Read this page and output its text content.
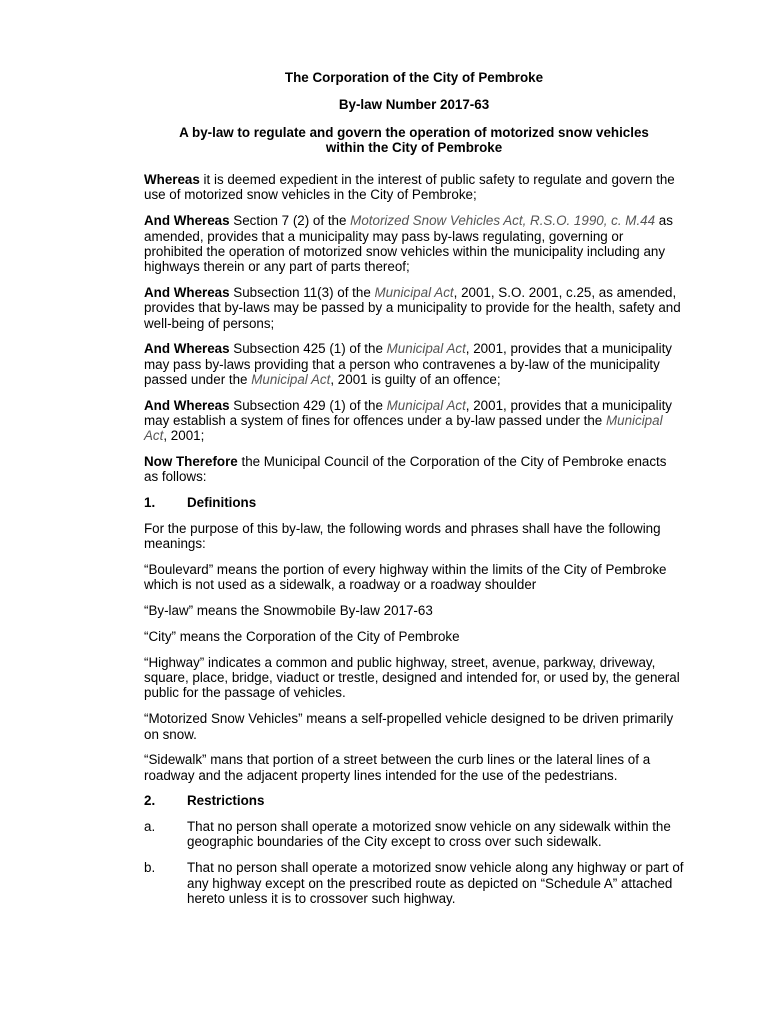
The Corporation of the City of Pembroke
By-law Number 2017-63
A by-law to regulate and govern the operation of motorized snow vehicles
within the City of Pembroke

Whereas it is deemed expedient in the interest of public safety to regulate and govern the use of motorized snow vehicles in the City of Pembroke;

And Whereas Section 7 (2) of the Motorized Snow Vehicles Act, R.S.O. 1990, c. M.44 as amended, provides that a municipality may pass by-laws regulating, governing or prohibited the operation of motorized snow vehicles within the municipality including any highways therein or any part of parts thereof;

And Whereas Subsection 11(3) of the Municipal Act, 2001, S.O. 2001, c.25, as amended, provides that by-laws may be passed by a municipality to provide for the health, safety and well-being of persons;

And Whereas Subsection 425 (1) of the Municipal Act, 2001, provides that a municipality may pass by-laws providing that a person who contravenes a by-law of the municipality passed under the Municipal Act, 2001 is guilty of an offence;

And Whereas Subsection 429 (1) of the Municipal Act, 2001, provides that a municipality may establish a system of fines for offences under a by-law passed under the Municipal Act, 2001;

Now Therefore the Municipal Council of the Corporation of the City of Pembroke enacts as follows:

1.	Definitions

For the purpose of this by-law, the following words and phrases shall have the following meanings:

“Boulevard” means the portion of every highway within the limits of the City of Pembroke which is not used as a sidewalk, a roadway or a roadway shoulder

“By-law” means the Snowmobile By-law 2017-63

“City” means the Corporation of the City of Pembroke

“Highway” indicates a common and public highway, street, avenue, parkway, driveway, square, place, bridge, viaduct or trestle, designed and intended for, or used by, the general public for the passage of vehicles.

“Motorized Snow Vehicles” means a self-propelled vehicle designed to be driven primarily on snow.

“Sidewalk” mans that portion of a street between the curb lines or the lateral lines of a roadway and the adjacent property lines intended for the use of the pedestrians.

2.	Restrictions
a.	That no person shall operate a motorized snow vehicle on any sidewalk within the geographic boundaries of the City except to cross over such sidewalk.
b.	That no person shall operate a motorized snow vehicle along any highway or part of any highway except on the prescribed route as depicted on “Schedule A” attached hereto unless it is to crossover such highway.
